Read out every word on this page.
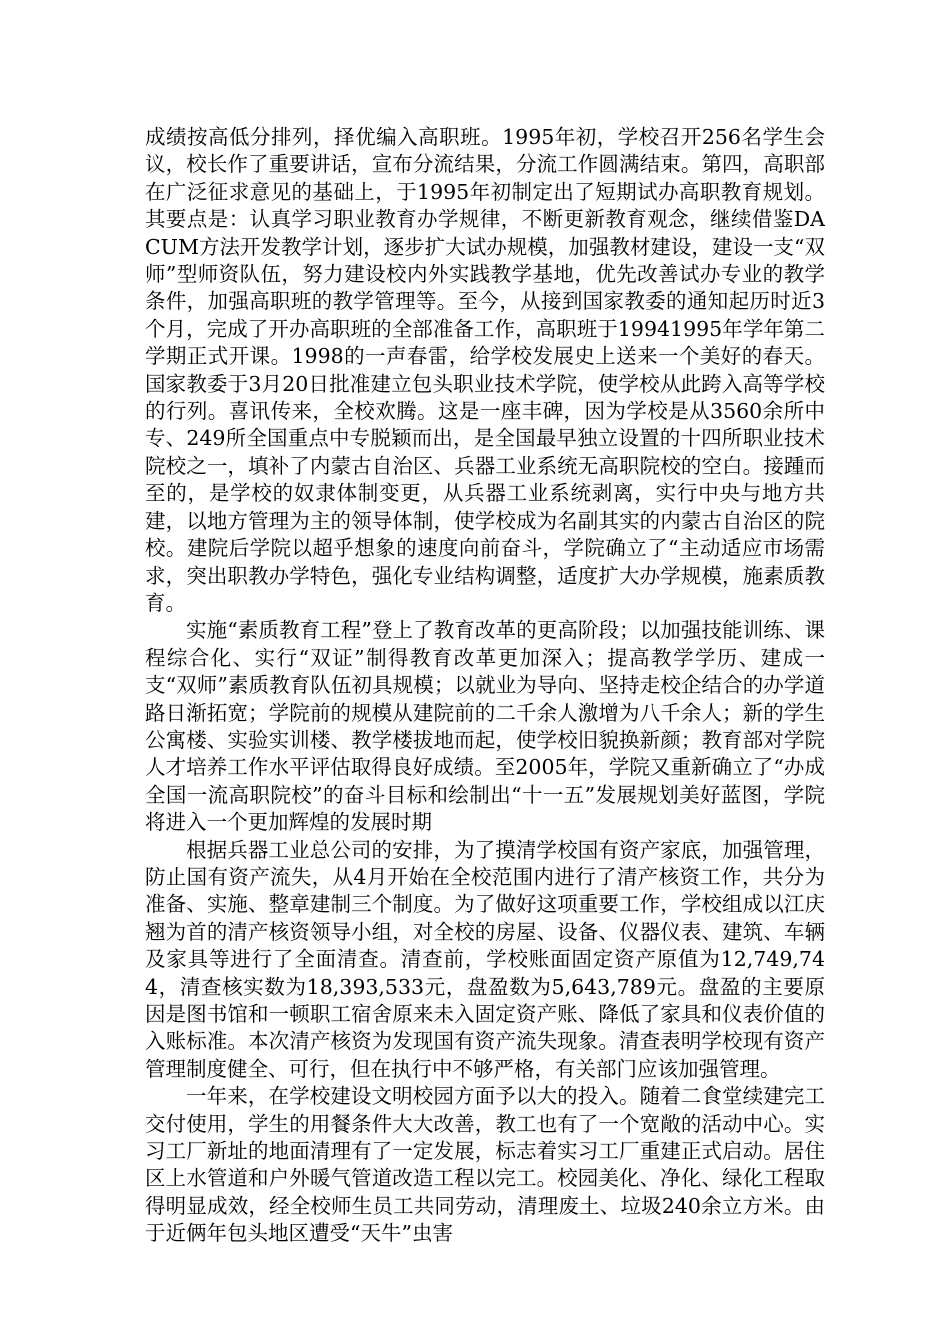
成绩按高低分排列，择优编入高职班。1995年初，学校召开256名学生会议，校长作了重要讲话，宣布分流结果，分流工作圆满结束。第四，高职部在广泛征求意见的基础上，于1995年初制定出了短期试办高职教育规划。其要点是：认真学习职业教育办学规律，不断更新教育观念，继续借鉴DACUM方法开发教学计划，逐步扩大试办规模，加强教材建设，建设一支“双师”型师资队伍，努力建设校内外实践教学基地，优先改善试办专业的教学条件，加强高职班的教学管理等。至今，从接到国家教委的通知起历时近3个月，完成了开办高职班的全部准备工作，高职班于19941995年学年第二学期正式开课。1998的一声春雷，给学校发展史上送来一个美好的春天。国家教委于3月20日批准建立包头职业技术学院，使学校从此跨入高等学校的行列。喜讯传来，全校欢腾。这是一座丰碑，因为学校是从3560余所中专、249所全国重点中专脱颖而出，是全国最早独立设置的十四所职业技术院校之一，填补了内蒙古自治区、兵器工业系统无高职院校的空白。接踵而至的，是学校的奴隶体制变更，从兵器工业系统剥离，实行中央与地方共建，以地方管理为主的领导体制，使学校成为名副其实的内蒙古自治区的院校。建院后学院以超乎想象的速度向前奋斗，学院确立了“主动适应市场需求，突出职教办学特色，强化专业结构调整，适度扩大办学规模，施素质教育。

实施“素质教育工程”登上了教育改革的更高阶段；以加强技能训练、课程综合化、实行“双证”制得教育改革更加深入；提高教学学历、建成一支“双师”素质教育队伍初具规模；以就业为导向、坚持走校企结合的办学道路日渐拓宽；学院前的规模从建院前的二千余人激增为八千余人；新的学生公寓楼、实验实训楼、教学楼拔地而起，使学校旧貌换新颜；教育部对学院人才培养工作水平评估取得良好成绩。至2005年，学院又重新确立了“办成全国一流高职院校”的奋斗目标和绘制出“十一五”发展规划美好蓝图，学院将进入一个更加辉煌的发展时期

根据兵器工业总公司的安排，为了摸清学校国有资产家底，加强管理，防止国有资产流失，从4月开始在全校范围内进行了清产核资工作，共分为准备、实施、整章建制三个制度。为了做好这项重要工作，学校组成以江庆翘为首的清产核资领导小组，对全校的房屋、设备、仪器仪表、建筑、车辆及家具等进行了全面清查。清查前，学校账面固定资产原值为12,749,744，清查核实数为18,393,533元，盘盈数为5,643,789元。盘盈的主要原因是图书馆和一顿职工宿舍原来未入固定资产账、降低了家具和仪表价值的入账标准。本次清产核资为发现国有资产流失现象。清查表明学校现有资产管理制度健全、可行，但在执行中不够严格，有关部门应该加强管理。

一年来，在学校建设文明校园方面予以大的投入。随着二食堂续建完工交付使用，学生的用餐条件大大改善，教工也有了一个宽敞的活动中心。实习工厂新址的地面清理有了一定发展，标志着实习工厂重建正式启动。居住区上水管道和户外暖气管道改造工程以完工。校园美化、净化、绿化工程取得明显成效，经全校师生员工共同劳动，清理废土、垃圾240余立方米。由于近俩年包头地区遭受“天牛”虫害
